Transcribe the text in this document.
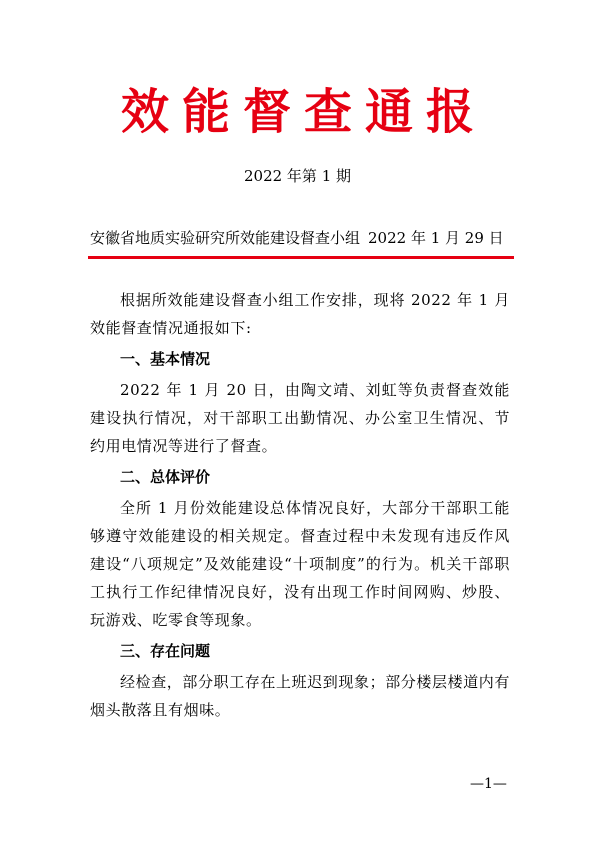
效能督查通报
2022 年第 1 期
安徽省地质实验研究所效能建设督查小组 2022 年 1 月 29 日

根据所效能建设督查小组工作安排，现将 2022 年 1 月效能督查情况通报如下:

一、基本情况

2022 年 1 月 20 日，由陶文靖、刘虹等负责督查效能建设执行情况，对干部职工出勤情况、办公室卫生情况、节约用电情况等进行了督查。

二、总体评价

全所 1 月份效能建设总体情况良好，大部分干部职工能够遵守效能建设的相关规定。督查过程中未发现有违反作风建设“八项规定”及效能建设“十项制度”的行为。机关干部职工执行工作纪律情况良好，没有出现工作时间网购、炒股、玩游戏、吃零食等现象。

三、存在问题

经检查，部分职工存在上班迟到现象；部分楼层楼道内有烟头散落且有烟味。

—1—
